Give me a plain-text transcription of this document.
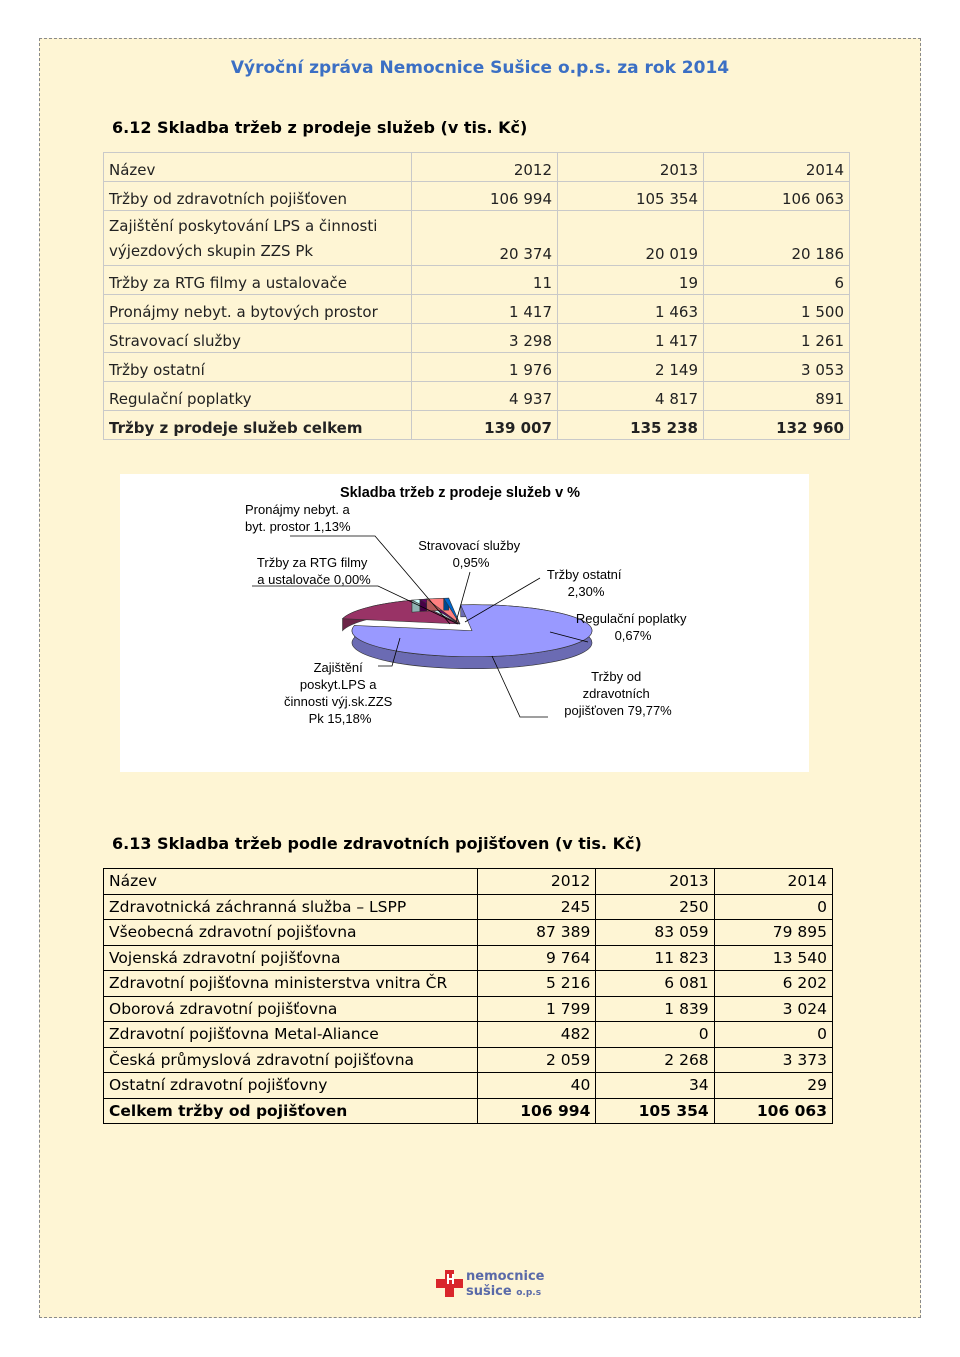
Výroční zpráva Nemocnice Sušice o.p.s. za rok 2014
6.12 Skladba tržeb z prodeje služeb (v tis. Kč)
Název	2012	2013	2014
Tržby od zdravotních pojišťoven	106 994	105 354	106 063

Zajištění poskytování LPS a činnosti
výjezdových skupin ZZS Pk	20 374	20 019	20 186
Tržby za RTG filmy a ustalovače	11	19	6
Pronájmy nebyt. a bytových prostor	1 417	1 463	1 500
Stravovací služby	3 298	1 417	1 261
Tržby ostatní	1 976	2 149	3 053
Regulační poplatky	4 937	4 817	891
Tržby z prodeje služeb celkem	139 007	135 238	132 960
Skladba tržeb z prodeje služeb v %
Pronájmy nebyt. a byt. prostor 1,13%
Tržby za RTG filmy a ustalovače 0,00%
Stravovací služby 0,95%
Tržby ostatní 2,30%
Regulační poplatky 0,67%
Tržby od zdravotních pojišťoven 79,77%
Zajištění poskyt.LPS a činnosti výj.sk.ZZS Pk 15,18%
6.13 Skladba tržeb podle zdravotních pojišťoven (v tis. Kč)
Název	2012	2013	2014
Zdravotnická záchranná služba – LSPP	245	250	0
Všeobecná zdravotní pojišťovna	87 389	83 059	79 895
Vojenská zdravotní pojišťovna	9 764	11 823	13 540
Zdravotní pojišťovna ministerstva vnitra ČR	5 216	6 081	6 202
Oborová zdravotní pojišťovna	1 799	1 839	3 024
Zdravotní pojišťovna Metal-Aliance	482	0	0
Česká průmyslová zdravotní pojišťovna	2 059	2 268	3 373
Ostatní zdravotní pojišťovny	40	34	29
Celkem tržby od pojišťoven	106 994	105 354	106 063
nemocnice
sušice o.p.s
